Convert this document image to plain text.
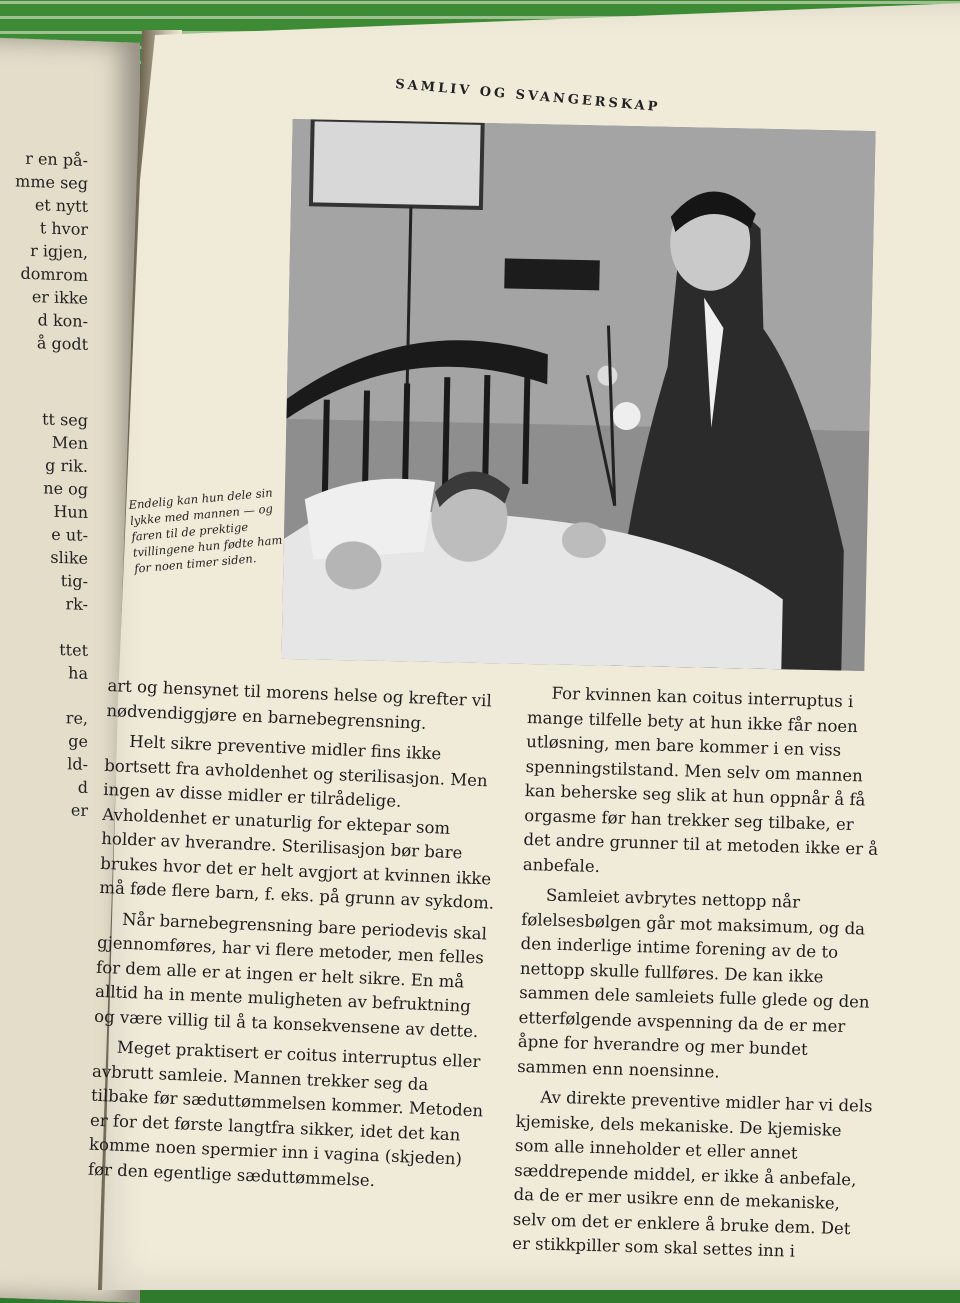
r en på-
mme seg
et nytt
t hvor
r igjen,
domrom
er ikke
d kon-
å godt
tt seg
Men
g rik.
ne og
Hun
e ut-
slike
tig-
rk-
ttet
ha
re,
ge
ld-
d
er
SAMLIV OG SVANGERSKAP
Endelig kan hun dele sin lykke med mannen — og faren til de prektige tvillingene hun fødte ham for noen timer siden.

art og hensynet til morens helse og krefter vil nødvendiggjøre en barnebegrensning.

Helt sikre preventive midler fins ikke bortsett fra avholdenhet og sterilisasjon. Men ingen av disse midler er tilrådelige. Avholdenhet er unaturlig for ektepar som holder av hverandre. Sterilisasjon bør bare brukes hvor det er helt avgjort at kvinnen ikke må føde flere barn, f. eks. på grunn av sykdom.

Når barnebegrensning bare periodevis skal gjennomføres, har vi flere metoder, men felles for dem alle er at ingen er helt sikre. En må alltid ha in mente muligheten av befruktning og være villig til å ta konsekvensene av dette.

Meget praktisert er coitus interruptus eller avbrutt samleie. Mannen trekker seg da tilbake før sæduttømmelsen kommer. Metoden er for det første langtfra sikker, idet det kan komme noen spermier inn i vagina (skjeden) før den egentlige sæduttømmelse.

For kvinnen kan coitus interruptus i mange tilfelle bety at hun ikke får noen utløsning, men bare kommer i en viss spenningstilstand. Men selv om mannen kan beherske seg slik at hun oppnår å få orgasme før han trekker seg tilbake, er det andre grunner til at metoden ikke er å anbefale.

Samleiet avbrytes nettopp når følelsesbølgen går mot maksimum, og da den inderlige intime forening av de to nettopp skulle fullføres. De kan ikke sammen dele samleiets fulle glede og den etterfølgende avspenning da de er mer åpne for hverandre og mer bundet sammen enn noensinne.

Av direkte preventive midler har vi dels kjemiske, dels mekaniske. De kjemiske som alle inneholder et eller annet sæddrepende middel, er ikke å anbefale, da de er mer usikre enn de mekaniske, selv om det er enklere å bruke dem. Det er stikkpiller som skal settes inn i
